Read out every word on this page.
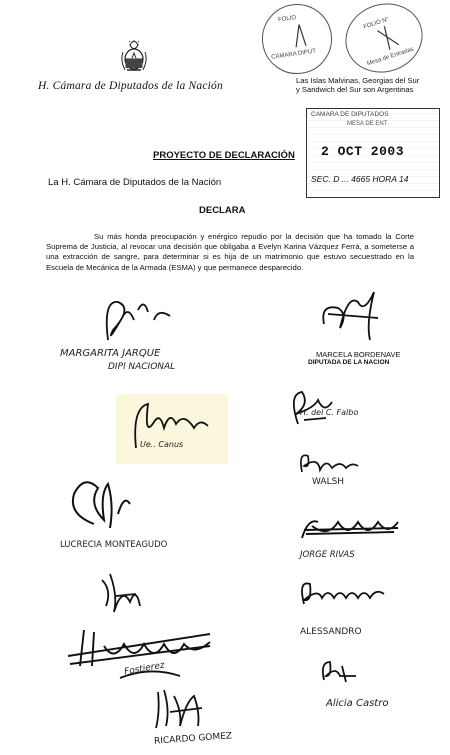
H. Cámara de Diputados de la Nación
FOLIO
CAMARA DIPUT
FOLIO N°
Mesa de Entradas
Las Islas Malvinas, Georgias del Sur
y Sandwich del Sur son Argentinas
CAMARA DE DIPUTADOS
MESA DE ENT
2 OCT 2003
SEC. D ... 4665 HORA 14
PROYECTO DE DECLARACIÓN
La H. Cámara de Diputados de la Nación
DECLARA
Su más honda preocupación y enérgico repudio por la decisión que ha tomado la Corte Suprema de Justicia, al revocar una decisión que obligaba a Evelyn Karina Vázquez Ferrá, a someterse a una extracción de sangre, para determinar si es hija de un matrimonio que estuvo secuestrado en la Escuela de Mecánica de la Armada (ESMA) y que permanece desparecido.
MARGARITA JARQUE
DIPl NACIONAL
MARCELA BORDENAVE
DIPUTADA DE LA NACION
Ue.. Canus
H. del C. Falbo
WALSH
LUCRECIA MONTEAGUDO
JORGE RIVAS
ALESSANDRO
Fostierez
Alicia Castro
RICARDO GOMEZ
